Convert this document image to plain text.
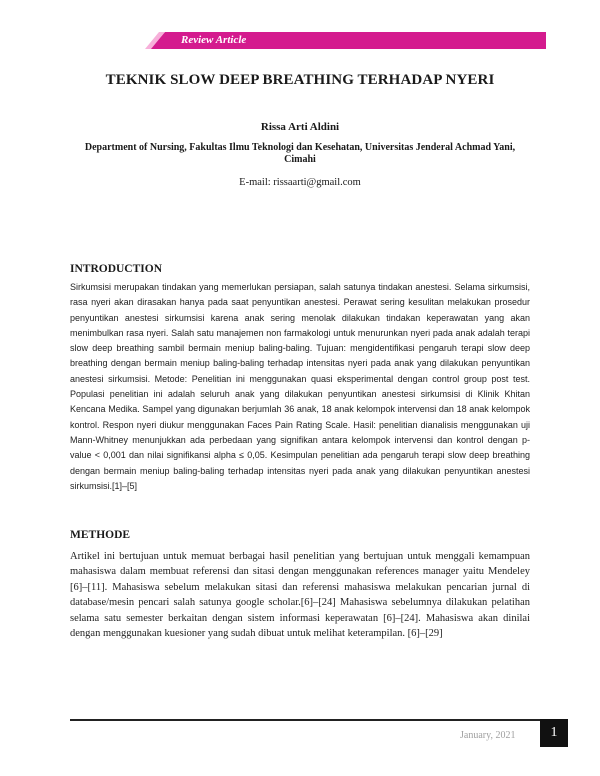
Review Article
TEKNIK SLOW DEEP BREATHING TERHADAP NYERI

Rissa Arti Aldini

Department of Nursing, Fakultas Ilmu Teknologi dan Kesehatan, Universitas Jenderal Achmad Yani, Cimahi

E-mail: rissaarti@gmail.com

INTRODUCTION

Sirkumsisi merupakan tindakan yang memerlukan persiapan, salah satunya tindakan anestesi. Selama sirkumsisi, rasa nyeri akan dirasakan hanya pada saat penyuntikan anestesi. Perawat sering kesulitan melakukan prosedur penyuntikan anestesi sirkumsisi karena anak sering menolak dilakukan tindakan keperawatan yang akan menimbulkan rasa nyeri. Salah satu manajemen non farmakologi untuk menurunkan nyeri pada anak adalah terapi slow deep breathing sambil bermain meniup baling-baling. Tujuan: mengidentifikasi pengaruh terapi slow deep breathing dengan bermain meniup baling-baling terhadap intensitas nyeri pada anak yang dilakukan penyuntikan anestesi sirkumsisi. Metode: Penelitian ini menggunakan quasi eksperimental dengan control group post test. Populasi penelitian ini adalah seluruh anak yang dilakukan penyuntikan anestesi sirkumsisi di Klinik Khitan Kencana Medika. Sampel yang digunakan berjumlah 36 anak, 18 anak kelompok intervensi dan 18 anak kelompok kontrol. Respon nyeri diukur menggunakan Faces Pain Rating Scale. Hasil: penelitian dianalisis menggunakan uji Mann-Whitney menunjukkan ada perbedaan yang signifikan antara kelompok intervensi dan kontrol dengan p-value < 0,001 dan nilai signifikansi alpha ≤ 0,05. Kesimpulan penelitian ada pengaruh terapi slow deep breathing dengan bermain meniup baling-baling terhadap intensitas nyeri pada anak yang dilakukan penyuntikan anestesi sirkumsisi.[1]–[5]

METHODE

Artikel ini bertujuan untuk memuat berbagai hasil penelitian yang bertujuan untuk menggali kemampuan mahasiswa dalam membuat referensi dan sitasi dengan menggunakan references manager yaitu Mendeley [6]–[11]. Mahasiswa sebelum melakukan sitasi dan referensi mahasiswa melakukan pencarian jurnal di database/mesin pencari salah satunya google scholar.[6]–[24] Mahasiswa sebelumnya dilakukan pelatihan selama satu semester berkaitan dengan sistem informasi keperawatan [6]–[24]. Mahasiswa akan dinilai dengan menggunakan kuesioner yang sudah dibuat untuk melihat keterampilan. [6]–[29]

January, 2021	1
